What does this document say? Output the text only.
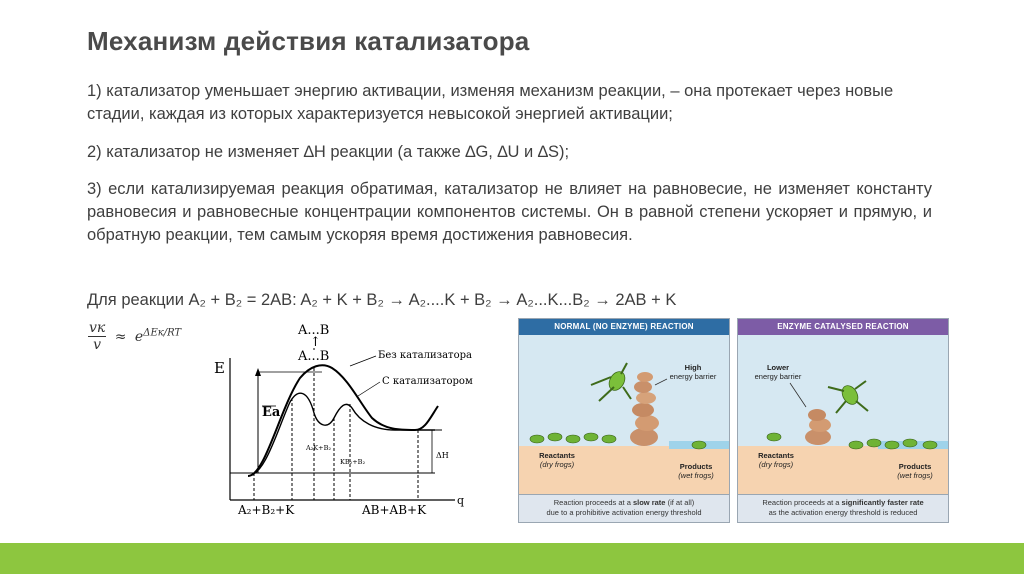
Механизм действия катализатора
1) катализатор уменьшает энергию активации, изменяя механизм реакции, – она протекает через новые стадии, каждая из которых характеризуется невысокой энергией активации;
2) катализатор не изменяет ∆H реакции (а также ∆G, ∆U и ∆S);
3) если катализируемая реакция обратимая, катализатор не влияет на равновесие, не изменяет константу равновесия и равновесные концентрации компонентов системы. Он в равной степени ускоряет и прямую, и обратную реакции, тем самым ускоряя время достижения равновесия.
Для реакции A₂ + B₂ = 2AB: A₂ + K + B₂ → A₂....K + B₂ → A₂...K...B₂ → 2AB + K
$\frac{vк}{v} \approx e^{\Delta Eк/RT}$
E
q
Ea
A...B
↑
A...B	Без катализатора
С катализатором
ΔH
A₂K+B₂
KB₂+B₂
A₂+B₂+K	AB+AB+K
NORMAL (NO ENZYME) REACTION
High
energy barrier
Reactants
(dry frogs)	Products
(wet frogs)
Reaction proceeds at a slow rate (if at all)
due to a prohibitive activation energy threshold
ENZYME CATALYSED REACTION
Lower
energy barrier
Reactants
(dry frogs)	Products
(wet frogs)
Reaction proceeds at a significantly faster rate
as the activation energy threshold is reduced
